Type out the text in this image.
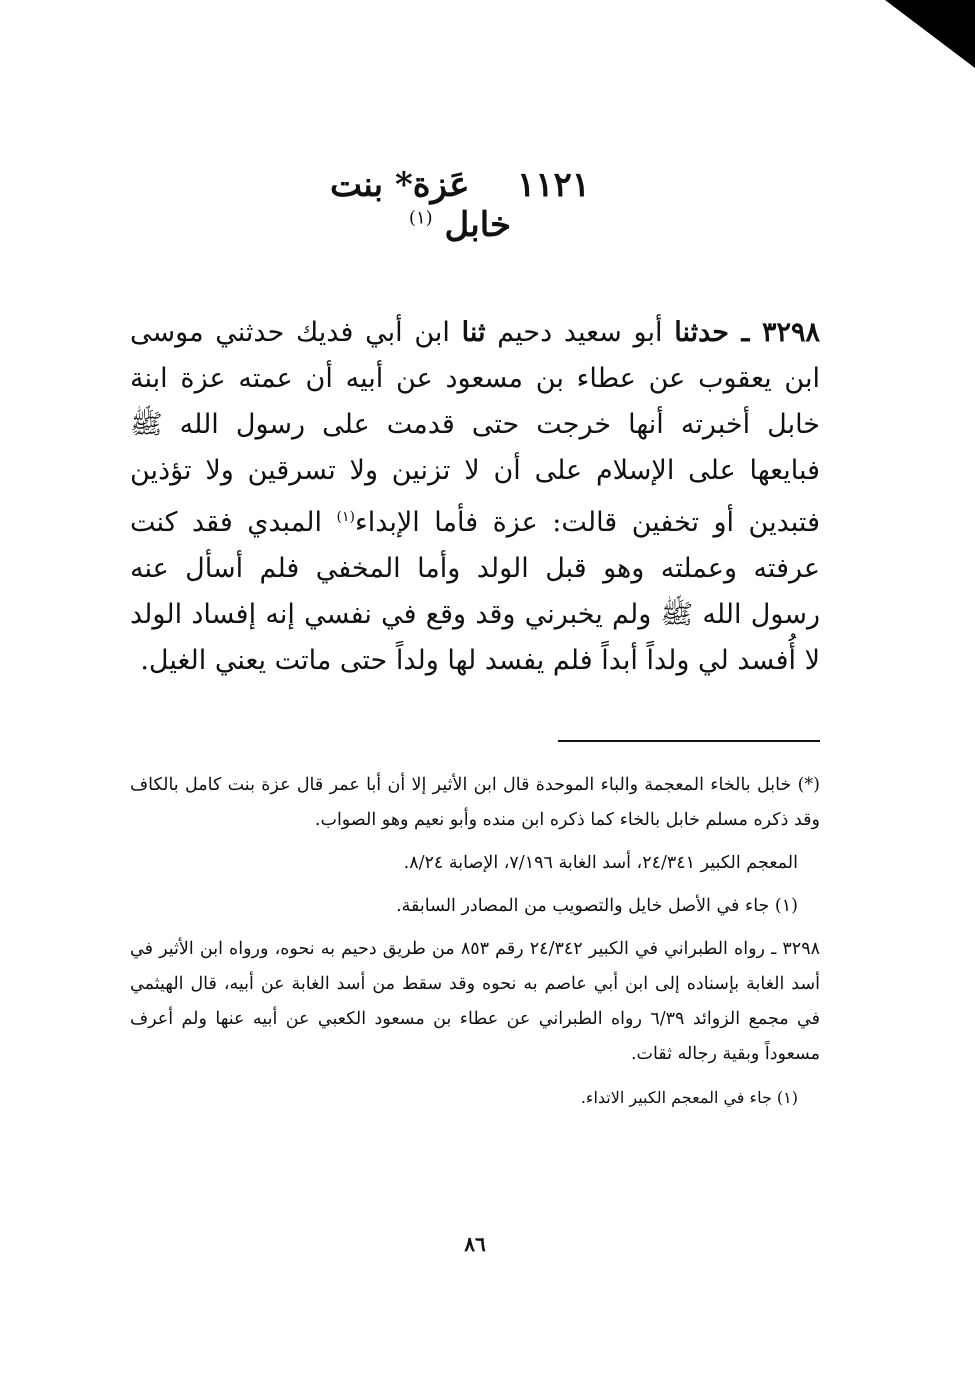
١١٢١    عَزة* بنت خابل $^{(١)}$
٣٢٩٨ ـ حدثنا أبو سعيد دحيم ثنا ابن أبي فديك حدثني موسى ابن يعقوب عن عطاء بن مسعود عن أبيه أن عمته عزة ابنة خابل أخبرته أنها خرجت حتى قدمت على رسول الله ﷺ فبايعها على الإسلام على أن لا تزنين ولا تسرقين ولا تؤذين فتبدين أو تخفين قالت: عزة فأما الإبداء$^{(١)}$ المبدي فقد كنت عرفته وعملته وهو قبل الولد وأما المخفي فلم أسأل عنه رسول الله ﷺ ولم يخبرني وقد وقع في نفسي إنه إفساد الولد لا أُفسد لي ولداً أبداً فلم يفسد لها ولداً حتى ماتت يعني الغيل.

(*) خابل بالخاء المعجمة والباء الموحدة قال ابن الأثير إلا أن أبا عمر قال عزة بنت كامل بالكاف وقد ذكره مسلم خابل بالخاء كما ذكره ابن منده وأبو نعيم وهو الصواب.

المعجم الكبير ٢٤/٣٤١، أسد الغابة ٧/١٩٦، الإصابة ٨/٢٤.

(١) جاء في الأصل خايل والتصويب من المصادر السابقة.

٣٢٩٨ ـ رواه الطبراني في الكبير ٢٤/٣٤٢ رقم ٨٥٣ من طريق دحيم به نحوه، ورواه ابن الأثير في أسد الغابة بإسناده إلى ابن أبي عاصم به نحوه وقد سقط من أسد الغابة عن أبيه، قال الهيثمي في مجمع الزوائد ٦/٣٩ رواه الطبراني عن عطاء بن مسعود الكعبي عن أبيه عنها ولم أعرف مسعوداً وبقية رجاله ثقات.

(١) جاء في المعجم الكبير الاتداء.

٨٦
